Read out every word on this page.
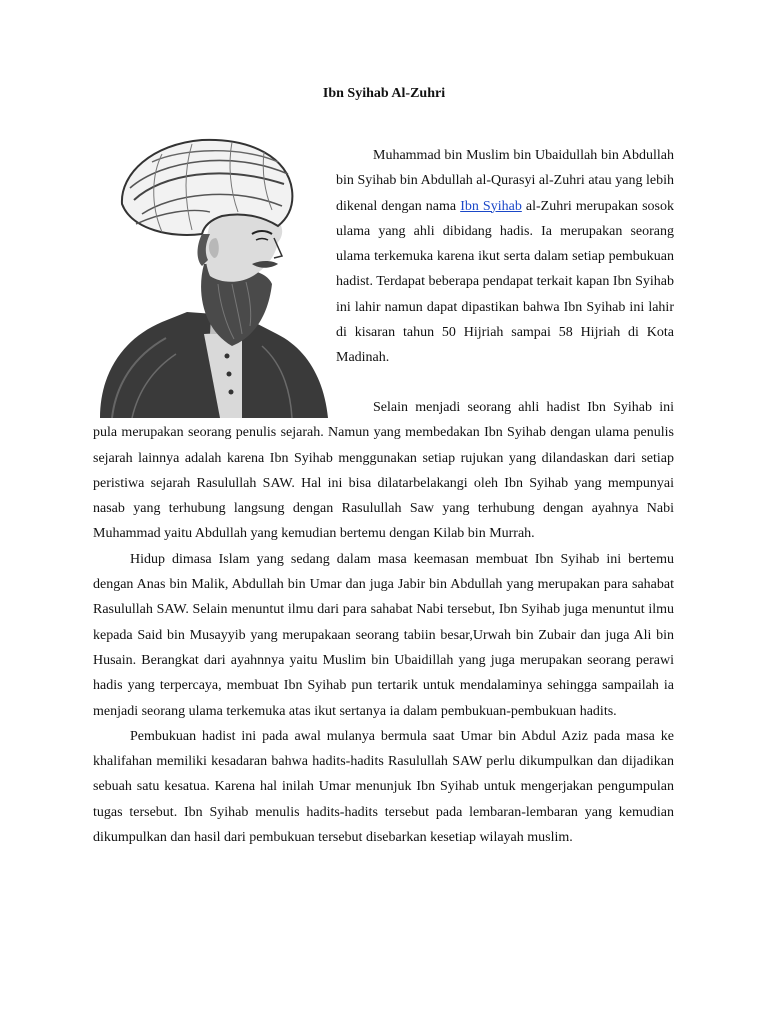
Ibn Syihab Al-Zuhri

Muhammad bin Muslim bin Ubaidullah bin Abdullah bin Syihab bin Abdullah al-Qurasyi al-Zuhri atau yang lebih dikenal dengan nama Ibn Syihab al-Zuhri merupakan sosok ulama yang ahli dibidang hadis. Ia merupakan seorang ulama terkemuka karena ikut serta dalam setiap pembukuan hadist. Terdapat beberapa pendapat terkait kapan Ibn Syihab ini lahir namun dapat dipastikan bahwa Ibn Syihab ini lahir di kisaran tahun 50 Hijriah sampai 58 Hijriah di Kota Madinah.

Selain menjadi seorang ahli hadist Ibn Syihab ini pula merupakan seorang penulis sejarah. Namun yang membedakan Ibn Syihab dengan ulama penulis sejarah lainnya adalah karena Ibn Syihab menggunakan setiap rujukan yang dilandaskan dari setiap peristiwa sejarah Rasulullah SAW. Hal ini bisa dilatarbelakangi oleh Ibn Syihab yang mempunyai nasab yang terhubung langsung dengan Rasulullah Saw yang terhubung dengan ayahnya Nabi Muhammad yaitu Abdullah yang kemudian bertemu dengan Kilab bin Murrah.

Hidup dimasa Islam yang sedang dalam masa keemasan membuat Ibn Syihab ini bertemu dengan Anas bin Malik, Abdullah bin Umar dan juga Jabir bin Abdullah yang merupakan para sahabat Rasulullah SAW. Selain menuntut ilmu dari para sahabat Nabi tersebut, Ibn Syihab juga menuntut ilmu kepada Said bin Musayyib yang merupakaan seorang tabiin besar,Urwah bin Zubair dan juga Ali bin Husain. Berangkat dari ayahnnya yaitu Muslim bin Ubaidillah yang juga merupakan seorang perawi hadis yang terpercaya, membuat Ibn Syihab pun tertarik untuk mendalaminya sehingga sampailah ia menjadi seorang ulama terkemuka atas ikut sertanya ia dalam pembukuan-pembukuan hadits.

Pembukuan hadist ini pada awal mulanya bermula saat Umar bin Abdul Aziz pada masa ke khalifahan memiliki kesadaran bahwa hadits-hadits Rasulullah SAW perlu dikumpulkan dan dijadikan sebuah satu kesatua. Karena hal inilah Umar menunjuk Ibn Syihab untuk mengerjakan pengumpulan tugas tersebut. Ibn Syihab menulis hadits-hadits tersebut pada lembaran-lembaran yang kemudian dikumpulkan dan hasil dari pembukuan tersebut disebarkan kesetiap wilayah muslim.
